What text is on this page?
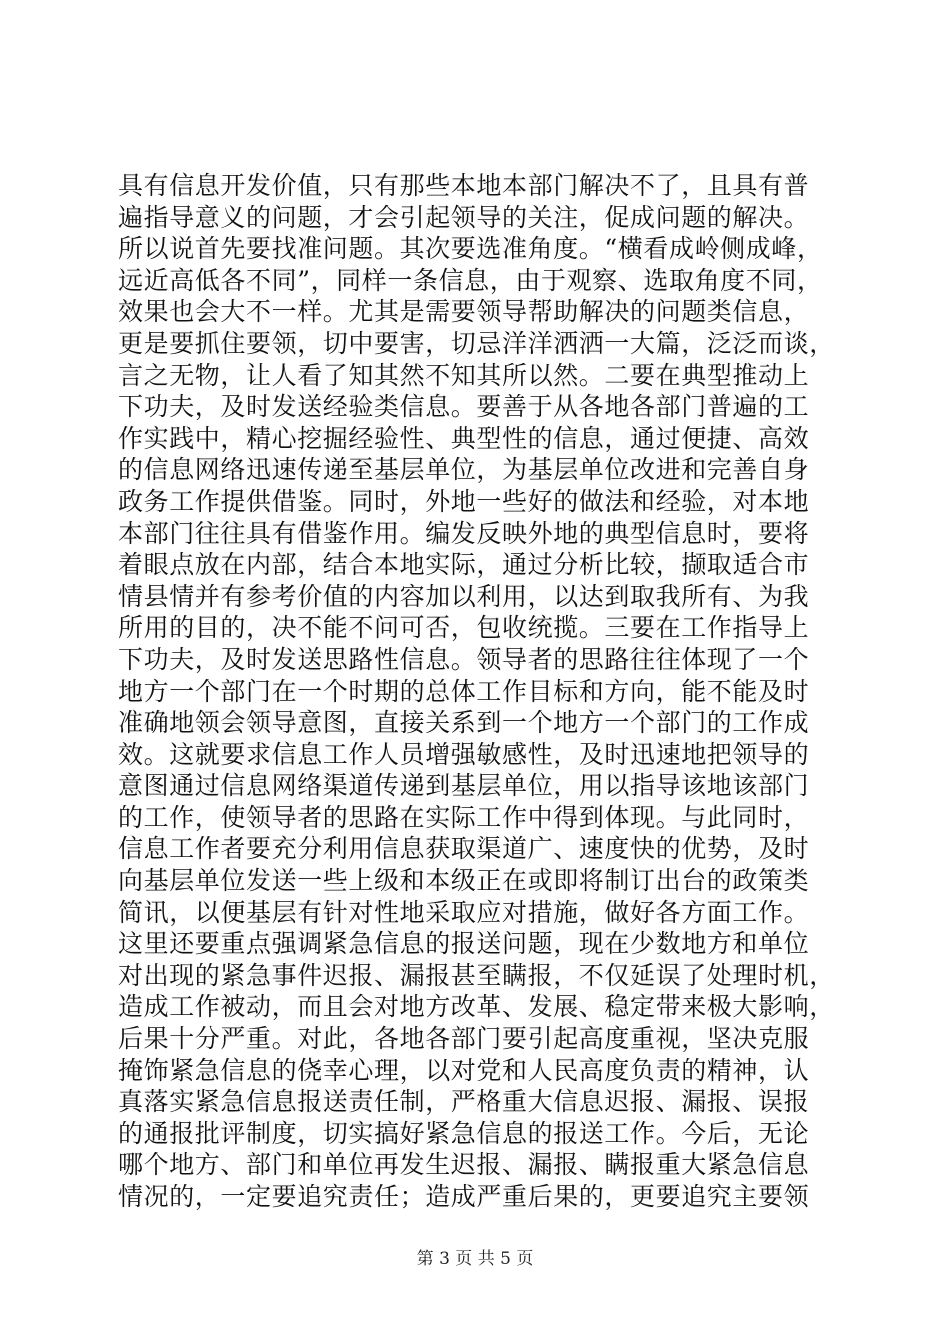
具有信息开发价值，只有那些本地本部门解决不了，且具有普
遍指导意义的问题，才会引起领导的关注，促成问题的解决。
所以说首先要找准问题。其次要选准角度。“横看成岭侧成峰，
远近高低各不同”，同样一条信息，由于观察、选取角度不同，
效果也会大不一样。尤其是需要领导帮助解决的问题类信息，
更是要抓住要领，切中要害，切忌洋洋洒洒一大篇，泛泛而谈，
言之无物，让人看了知其然不知其所以然。二要在典型推动上
下功夫，及时发送经验类信息。要善于从各地各部门普遍的工
作实践中，精心挖掘经验性、典型性的信息，通过便捷、高效
的信息网络迅速传递至基层单位，为基层单位改进和完善自身
政务工作提供借鉴。同时，外地一些好的做法和经验，对本地
本部门往往具有借鉴作用。编发反映外地的典型信息时，要将
着眼点放在内部，结合本地实际，通过分析比较，撷取适合市
情县情并有参考价值的内容加以利用，以达到取我所有、为我
所用的目的，决不能不问可否，包收统揽。三要在工作指导上
下功夫，及时发送思路性信息。领导者的思路往往体现了一个
地方一个部门在一个时期的总体工作目标和方向，能不能及时
准确地领会领导意图，直接关系到一个地方一个部门的工作成
效。这就要求信息工作人员增强敏感性，及时迅速地把领导的
意图通过信息网络渠道传递到基层单位，用以指导该地该部门
的工作，使领导者的思路在实际工作中得到体现。与此同时，
信息工作者要充分利用信息获取渠道广、速度快的优势，及时
向基层单位发送一些上级和本级正在或即将制订出台的政策类
简讯，以便基层有针对性地采取应对措施，做好各方面工作。
这里还要重点强调紧急信息的报送问题，现在少数地方和单位
对出现的紧急事件迟报、漏报甚至瞒报，不仅延误了处理时机，
造成工作被动，而且会对地方改革、发展、稳定带来极大影响，
后果十分严重。对此，各地各部门要引起高度重视，坚决克服
掩饰紧急信息的侥幸心理，以对党和人民高度负责的精神，认
真落实紧急信息报送责任制，严格重大信息迟报、漏报、误报
的通报批评制度，切实搞好紧急信息的报送工作。今后，无论
哪个地方、部门和单位再发生迟报、漏报、瞒报重大紧急信息
情况的，一定要追究责任；造成严重后果的，更要追究主要领
第 3 页 共 5 页
